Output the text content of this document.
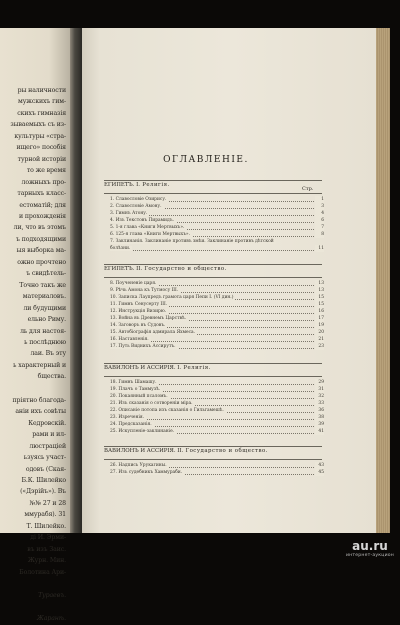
ры наличности
мужскихъ гим-
скихъ гимназія
зываемыхъ съ из-
культуры «стра-
ищего» пособія
турной исторіи
то же время
ложныхъ про-
тарныхъ класс-
естоматій; для
и прохожденія
ли, что въ этомъ
ъ подходящими
ыя выборка ма-
ожно прочтено
ъ свидѣтель-
Точно такъ же
материаловъ.
ли будущими
ельно Риму.
ль для настоя-
ь послѣднюю
лаи. Въ эту
ь характерный и
бщества.

пріятно благода-
аніи ихъ совѣты
Кедровскій.
рами и ил-
люстраціей
ьзуясь участ-
одовъ (Ская-
Б.К. Шилейко
(«Дэрійъ»). Въ
№№ 27 и 28
ммурабя). 31
Т. Шилейко.
ді И. Эрми-
въ изъ Заис.
Журн. Мин.
Болотина Ари-
Тураевъ.
Жаранѣ.
ОГЛАВЛЕНІЕ.
Стр.
ЕГИПЕТЪ. I. Религія.
1. Славословіе Озирису.	1
2. Славословіе Амону.	3
3. Гимнъ Атону.	4
4. Изъ Текстовъ Пирамидъ.	6
5. 1-я глава «Книги Мертвыхъ».	7
6. 125-я глава «Книги Мертвыхъ».	8
7. Заклинанія. Заклинаніе противъ змѣи. Заклинаніе противъ дѣтской
болѣзни.	11
ЕГИПЕТЪ. II. Государство и общество.
8. Поучененіе царя.	13
9. Рѣчь Амона къ Тутмосу III.	13
10. Записка Лаупредъ грамота царя Пепи I. (VI дин.)	15
11. Гимнъ Сенусерту III.	15
12. Инструкція Визирю.	16
13. Война въ Древнемъ Царствѣ.	17
14. Заговоръ въ Судовъ.	19
15. Автобіографія адмирала Яхмеса.	20
16. Наставленія.	21
17. Путь Виднихъ Ассирутъ.	23
ВАВИЛОНЪ И АССИРІЯ. I. Религія.
18. Гимнъ Шамашу.	29
19. Плачъ о Таммузѣ.	31
20. Покаянный псаломъ.	32
21. Изъ сказанія о сотвореніи міра.	33
22. Описаніе потопа изъ сказанія о Гильгамешѣ.	36
23. Изреченія.	38
24. Предсказанія.	39
25. Искупленіе-заклинаніе.	41
ВАВИЛОНЪ И АССИРІЯ. II. Государство и общество.
26. Надпись Урукагины.	43
27. Изъ судебникъ Хаммураби.	45
au.ru
интернет-аукцион
